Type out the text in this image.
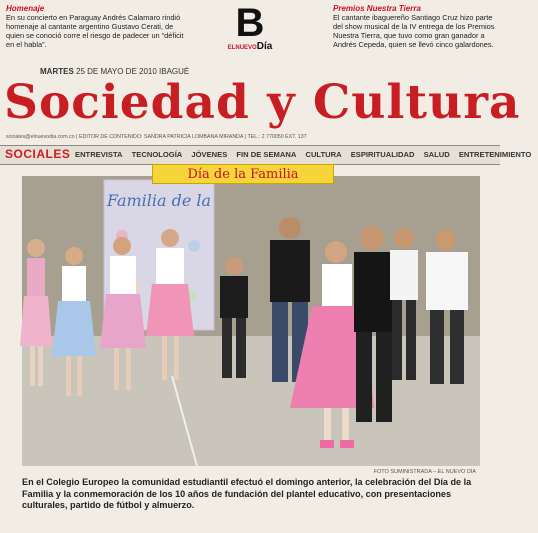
Homenaje
En su concierto en Paraguay Andrés Calamaro rindió homenaje al cantante argentino Gustavo Cerati, de quien se conoció corre el riesgo de padecer un “déficit en el habla”.	B
ELNUEVODía
Premios Nuestra Tierra
El cantante ibaguereño Santiago Cruz hizo parte del show musical de la IV entrega de los Premios Nuestra Tierra, que tuvo como gran ganador a Andrés Cepeda, quien se llevó cinco galardones.
MARTES 25 DE MAYO DE 2010 IBAGUÉ
Sociedad y Cultura
sociales@elnuevodia.com.co | EDITOR DE CONTENIDO: SANDRA PATRICIA LOMBANA MIRANDA | TEL.: 2 770050 EXT. 137
SOCIALES ENTREVISTA TECNOLOGÍA JÓVENES FIN DE SEMANA CULTURA ESPIRITUALIDAD SALUD ENTRETENIMIENTO
Familia de la
Día de la Familia
FOTO SUMINISTRADA – EL NUEVO DÍA
En el Colegio Europeo la comunidad estudiantil efectuó el domingo anterior, la celebración del Día de la Familia y la conmemoración de los 10 años de fundación del plantel educativo, con presentaciones culturales, partido de fútbol y almuerzo.
